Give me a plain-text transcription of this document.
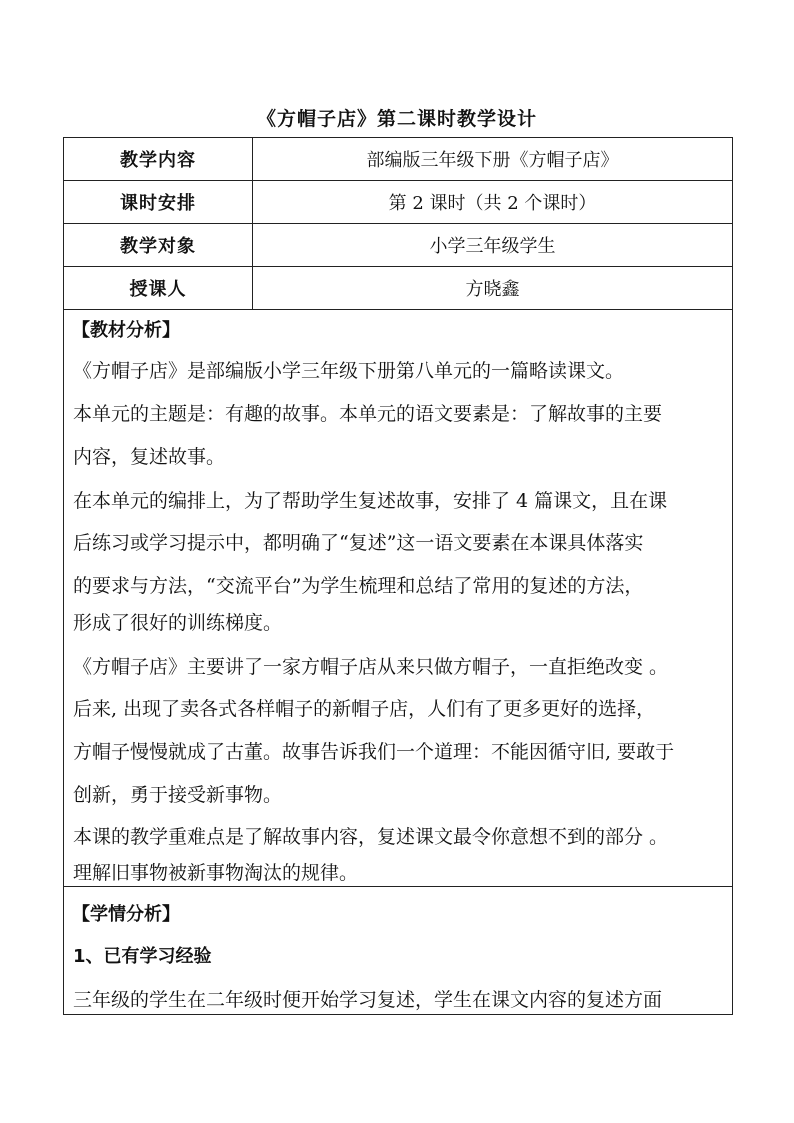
《方帽子店》第二课时教学设计
教学内容	部编版三年级下册《方帽子店》
课时安排	第 2 课时（共 2 个课时）
教学对象	小学三年级学生
授课人	方晓鑫
【教材分析】
《方帽子店》是部编版小学三年级下册第八单元的一篇略读课文。
本单元的主题是：有趣的故事。本单元的语文要素是：了解故事的主要
内容，复述故事。
在本单元的编排上，为了帮助学生复述故事，安排了 4 篇课文，且在课
后练习或学习提示中，都明确了“复述”这一语文要素在本课具体落实
的要求与方法，“交流平台”为学生梳理和总结了常用的复述的方法，
形成了很好的训练梯度。
《方帽子店》主要讲了一家方帽子店从来只做方帽子，一直拒绝改变 。
后来, 出现了卖各式各样帽子的新帽子店，人们有了更多更好的选择，
方帽子慢慢就成了古董。故事告诉我们一个道理：不能因循守旧, 要敢于
创新，勇于接受新事物。
本课的教学重难点是了解故事内容，复述课文最令你意想不到的部分 。
理解旧事物被新事物淘汰的规律。
【学情分析】
1、已有学习经验
三年级的学生在二年级时便开始学习复述，学生在课文内容的复述方面
